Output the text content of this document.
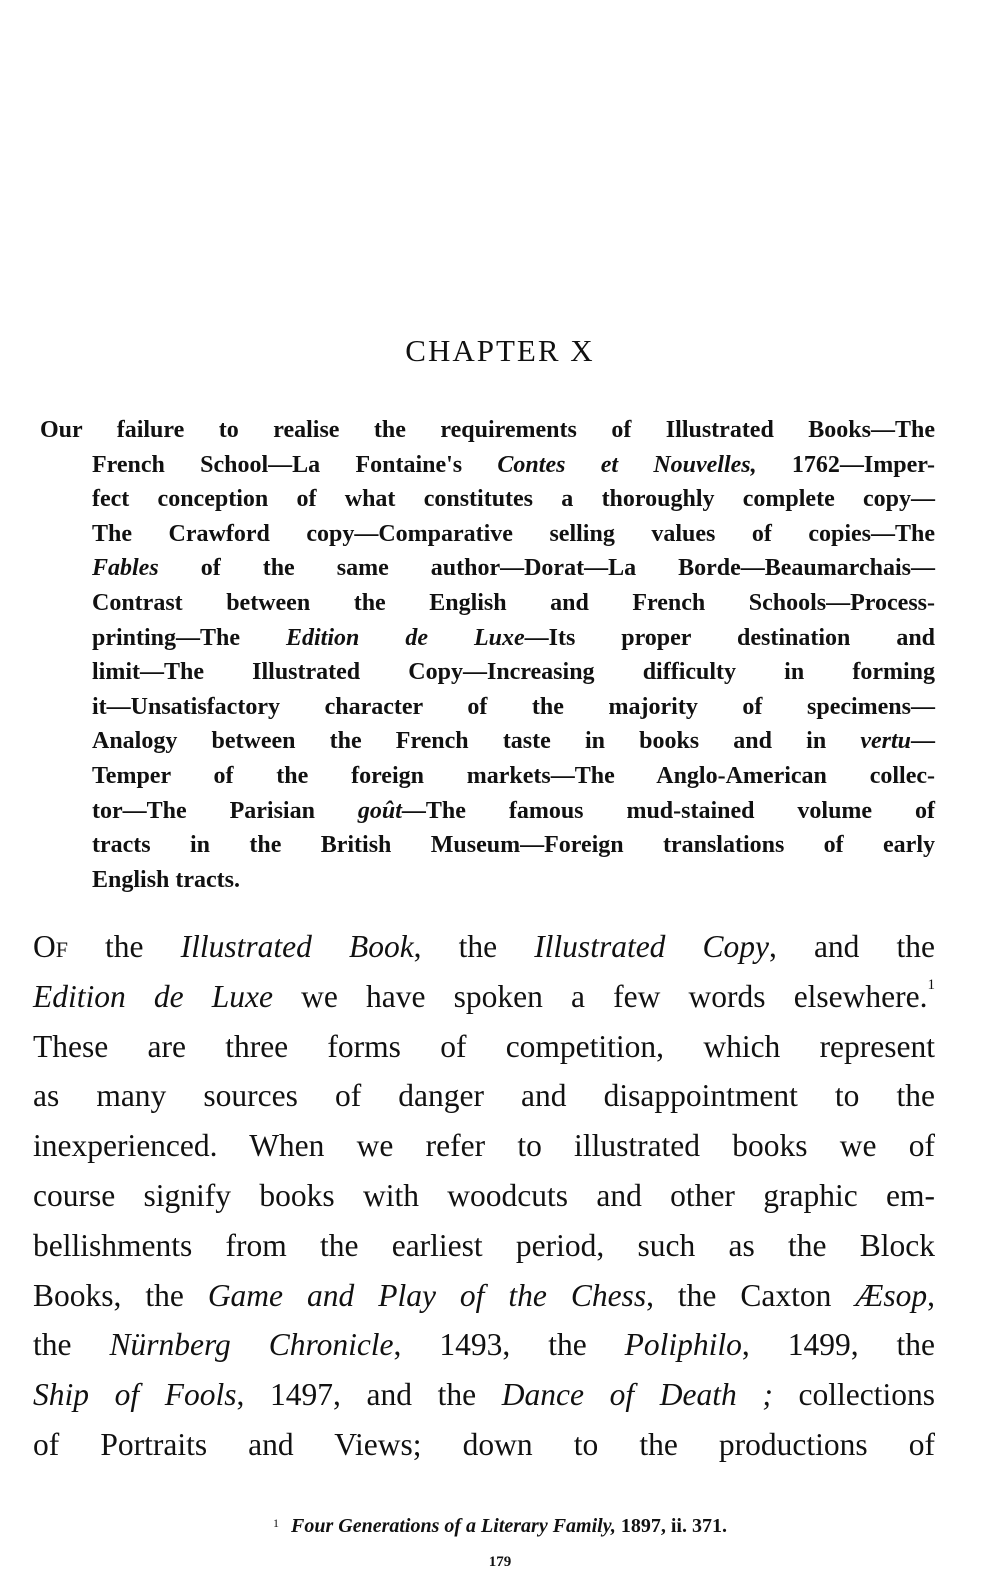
CHAPTER X
Our failure to realise the requirements of Illustrated Books—The
French School—La Fontaine's Contes et Nouvelles, 1762—Imper-
fect conception of what constitutes a thoroughly complete copy—
The Crawford copy—Comparative selling values of copies—The
Fables of the same author—Dorat—La Borde—Beaumarchais—
Contrast between the English and French Schools—Process-
printing—The Edition de Luxe—Its proper destination and
limit—The Illustrated Copy—Increasing difficulty in forming
it—Unsatisfactory character of the majority of specimens—
Analogy between the French taste in books and in vertu—
Temper of the foreign markets—The Anglo-American collec-
tor—The Parisian goût—The famous mud-stained volume of
tracts in the British Museum—Foreign translations of early
English tracts.
Of the Illustrated Book, the Illustrated Copy, and the
Edition de Luxe we have spoken a few words elsewhere.$^1$
These are three forms of competition, which represent
as many sources of danger and disappointment to the
inexperienced. When we refer to illustrated books we of
course signify books with woodcuts and other graphic em-
bellishments from the earliest period, such as the Block
Books, the Game and Play of the Chess, the Caxton Æsop,
the Nürnberg Chronicle, 1493, the Poliphilo, 1499, the
Ship of Fools, 1497, and the Dance of Death ; collections
of Portraits and Views; down to the productions of
$^1$ Four Generations of a Literary Family, 1897, ii. 371.
179
